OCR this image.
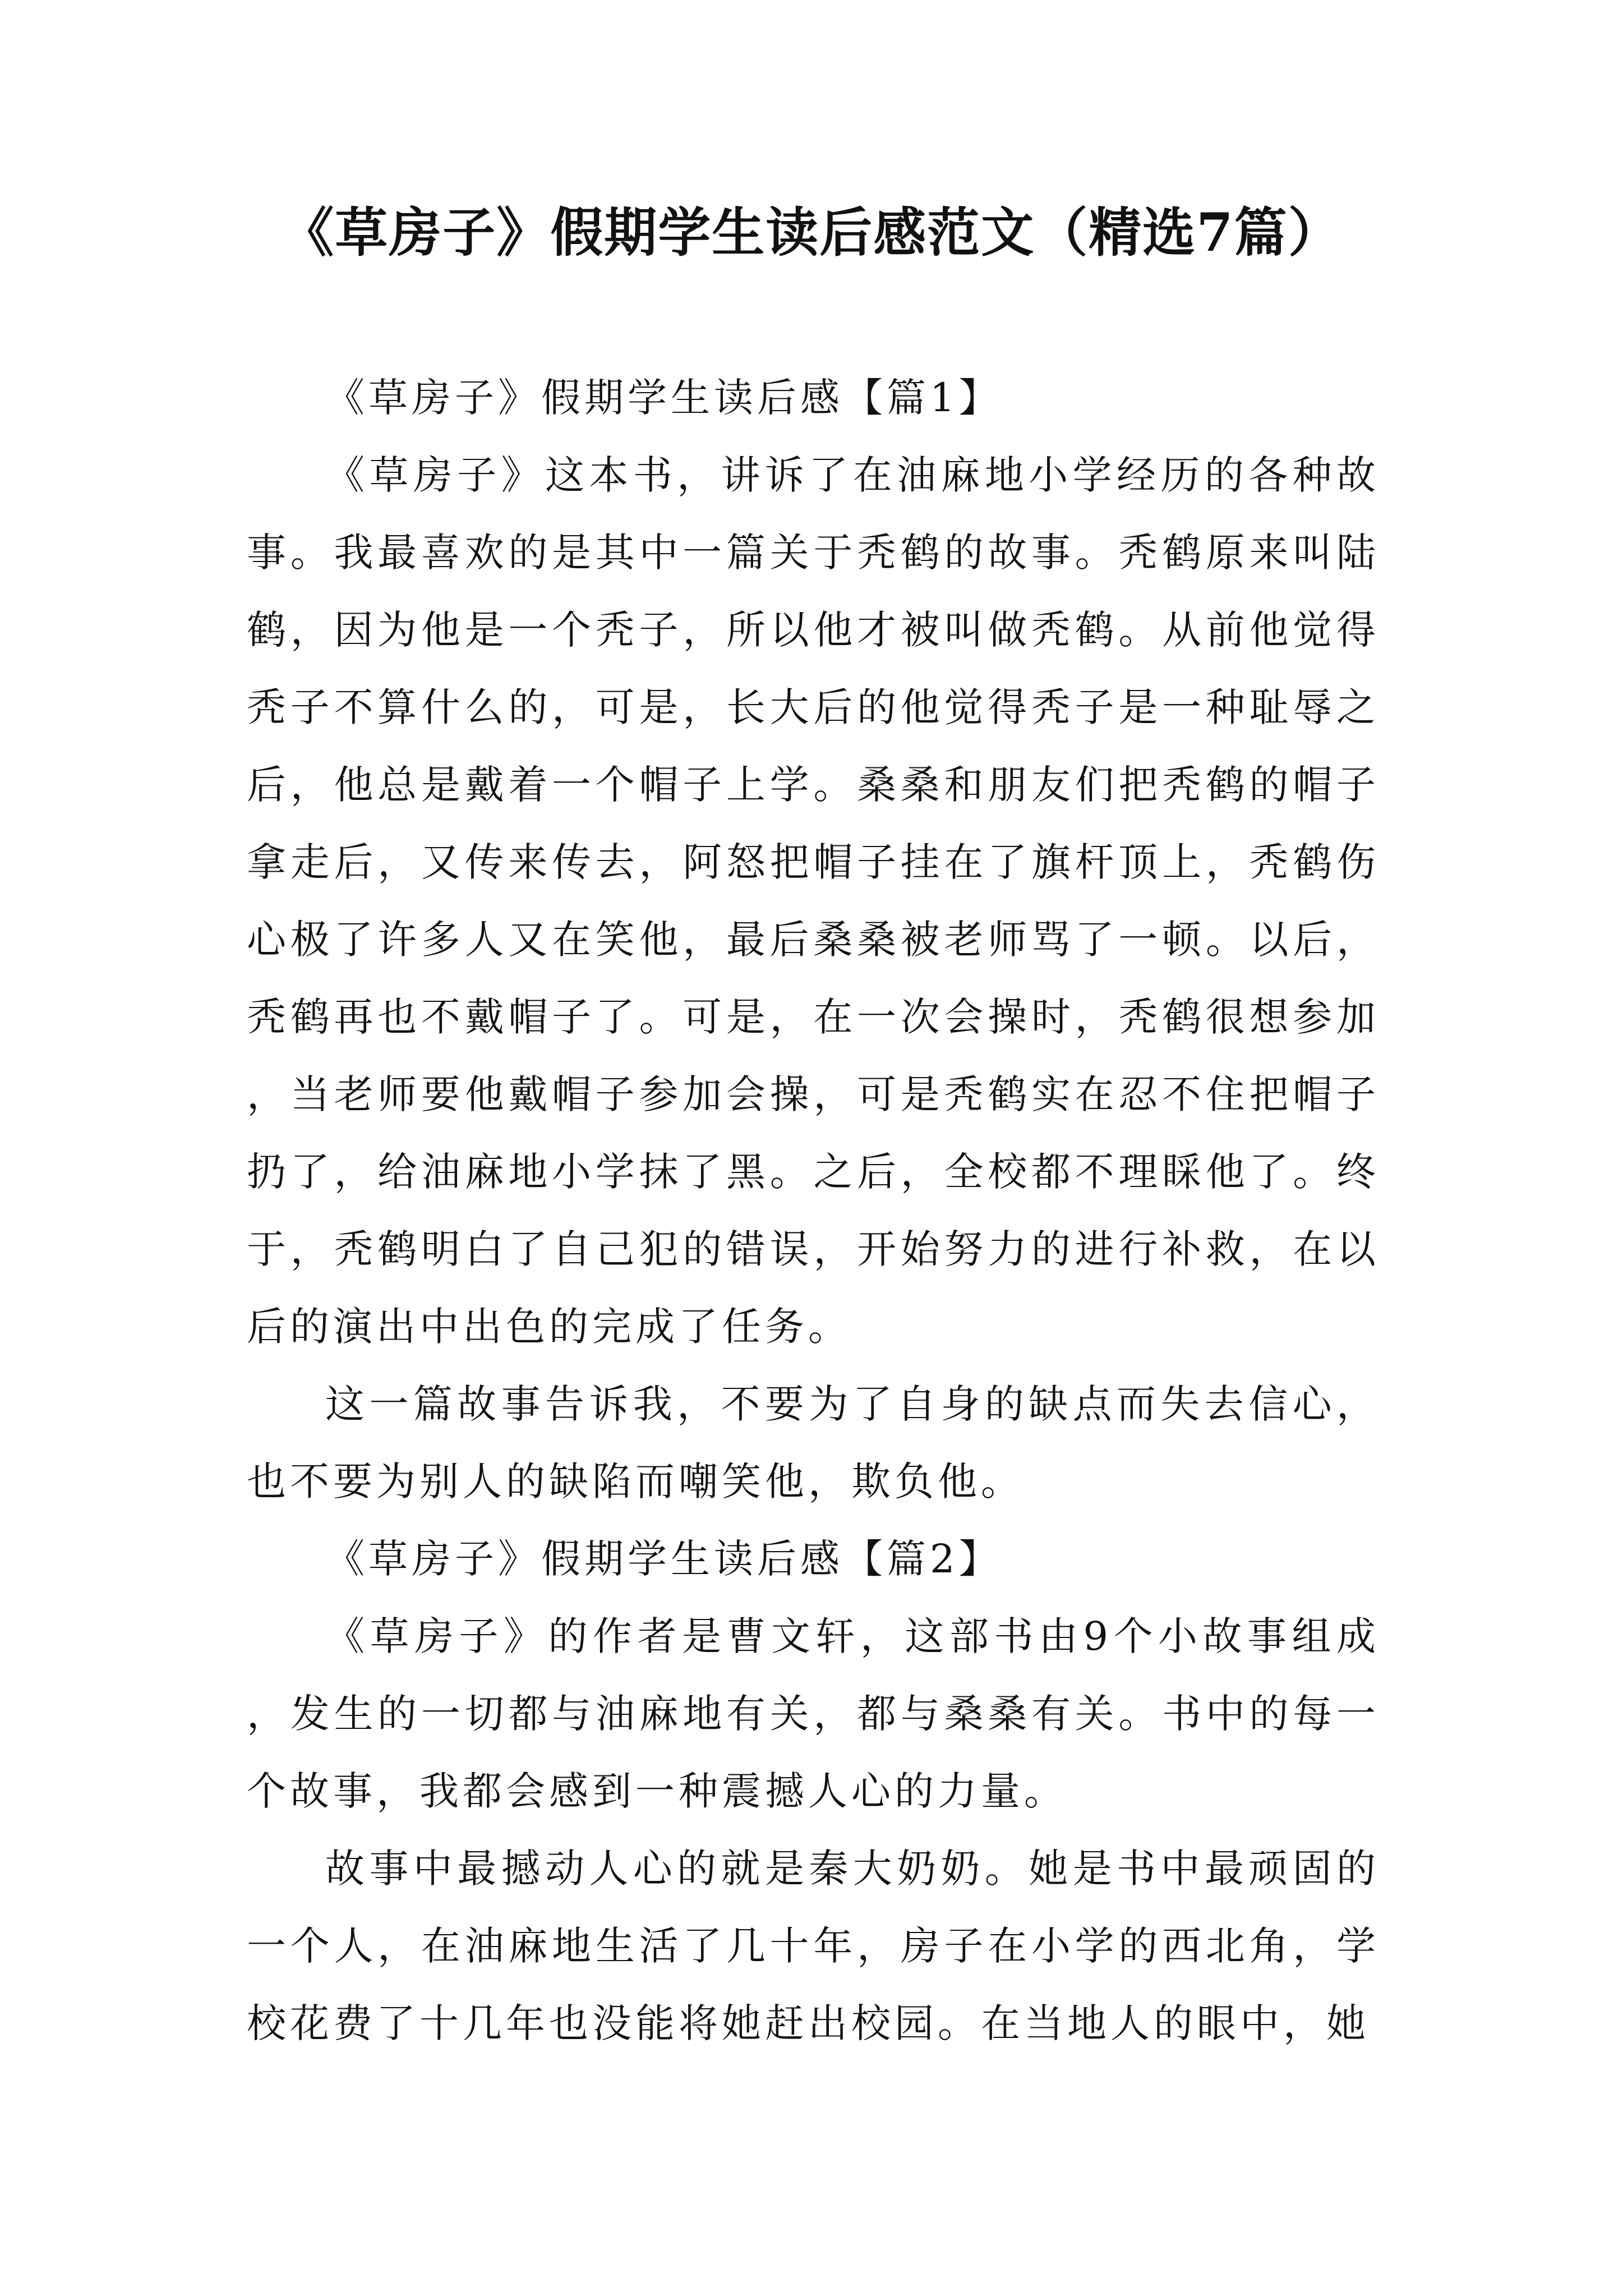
《草房子》假期学生读后感范文（精选7篇）

《草房子》假期学生读后感【篇1】

《草房子》这本书，讲诉了在油麻地小学经历的各种故事。我最喜欢的是其中一篇关于秃鹤的故事。秃鹤原来叫陆鹤，因为他是一个秃子，所以他才被叫做秃鹤。从前他觉得秃子不算什么的，可是，长大后的他觉得秃子是一种耻辱之后，他总是戴着一个帽子上学。桑桑和朋友们把秃鹤的帽子拿走后，又传来传去，阿怒把帽子挂在了旗杆顶上，秃鹤伤心极了许多人又在笑他，最后桑桑被老师骂了一顿。以后，秃鹤再也不戴帽子了。可是，在一次会操时，秃鹤很想参加，当老师要他戴帽子参加会操，可是秃鹤实在忍不住把帽子扔了，给油麻地小学抹了黑。之后，全校都不理睬他了。终于，秃鹤明白了自己犯的错误，开始努力的进行补救，在以后的演出中出色的完成了任务。

这一篇故事告诉我，不要为了自身的缺点而失去信心，也不要为别人的缺陷而嘲笑他，欺负他。

《草房子》假期学生读后感【篇2】

《草房子》的作者是曹文轩，这部书由9个小故事组成，发生的一切都与油麻地有关，都与桑桑有关。书中的每一个故事，我都会感到一种震撼人心的力量。

故事中最撼动人心的就是秦大奶奶。她是书中最顽固的一个人，在油麻地生活了几十年，房子在小学的西北角，学校花费了十几年也没能将她赶出校园。在当地人的眼中，她
